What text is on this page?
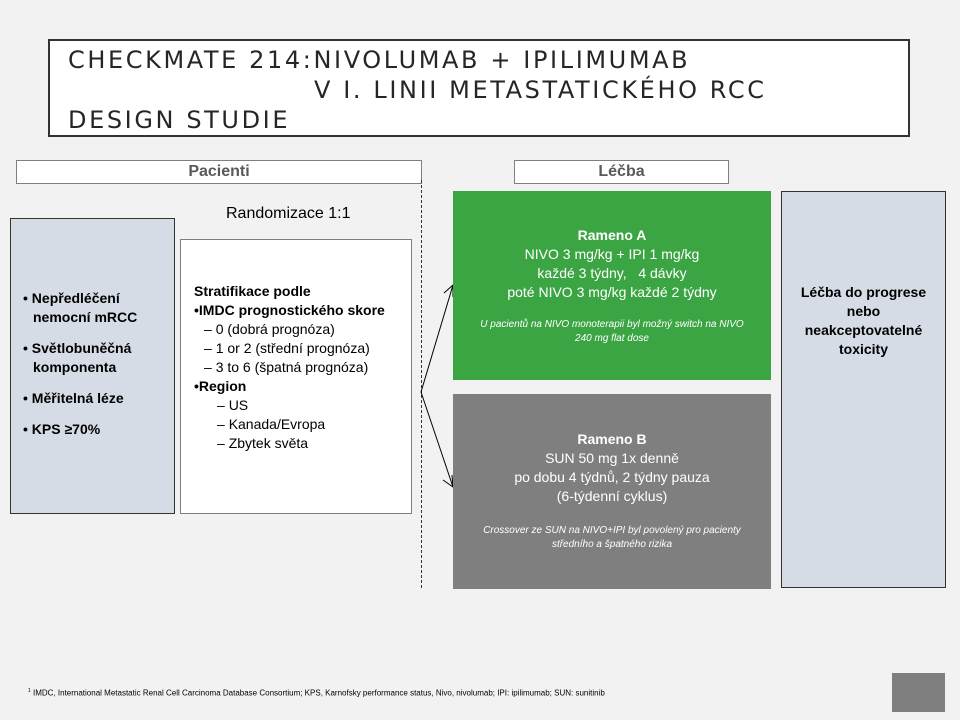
CHECKMATE 214:NIVOLUMAB + IPILIMUMAB

V I. LINII METASTATICKÉHO RCC

DESIGN STUDIE

Pacienti	Léčba
Randomizace 1:1
• Nepředléčení nemocní mRCC
• Světlobuněčná komponenta
• Měřitelná léze
• KPS ≥70%
Stratifikace podle
•IMDC prognostického skore
– 0 (dobrá prognóza)
– 1 or 2 (střední prognóza)
– 3 to 6 (špatná prognóza)
•Region
– US
– Kanada/Evropa
– Zbytek světa
Rameno A
NIVO 3 mg/kg + IPI 1 mg/kg
každé 3 týdny,   4 dávky
poté NIVO 3 mg/kg každé 2 týdny
U pacientů na NIVO monoterapii byl možný switch na NIVO 240 mg flat dose
Rameno B
SUN 50 mg 1x denně
po dobu 4 týdnů, 2 týdny pauza
(6-týdenní cyklus)
Crossover ze SUN na NIVO+IPI byl povolený pro pacienty středního a špatného rizika
Léčba do progrese nebo neakceptovatelné toxicity
$^1$ IMDC, International Metastatic Renal Cell Carcinoma Database Consortium; KPS, Karnofsky performance status, Nivo, nivolumab; IPI: ipilimumab; SUN: sunitinib
